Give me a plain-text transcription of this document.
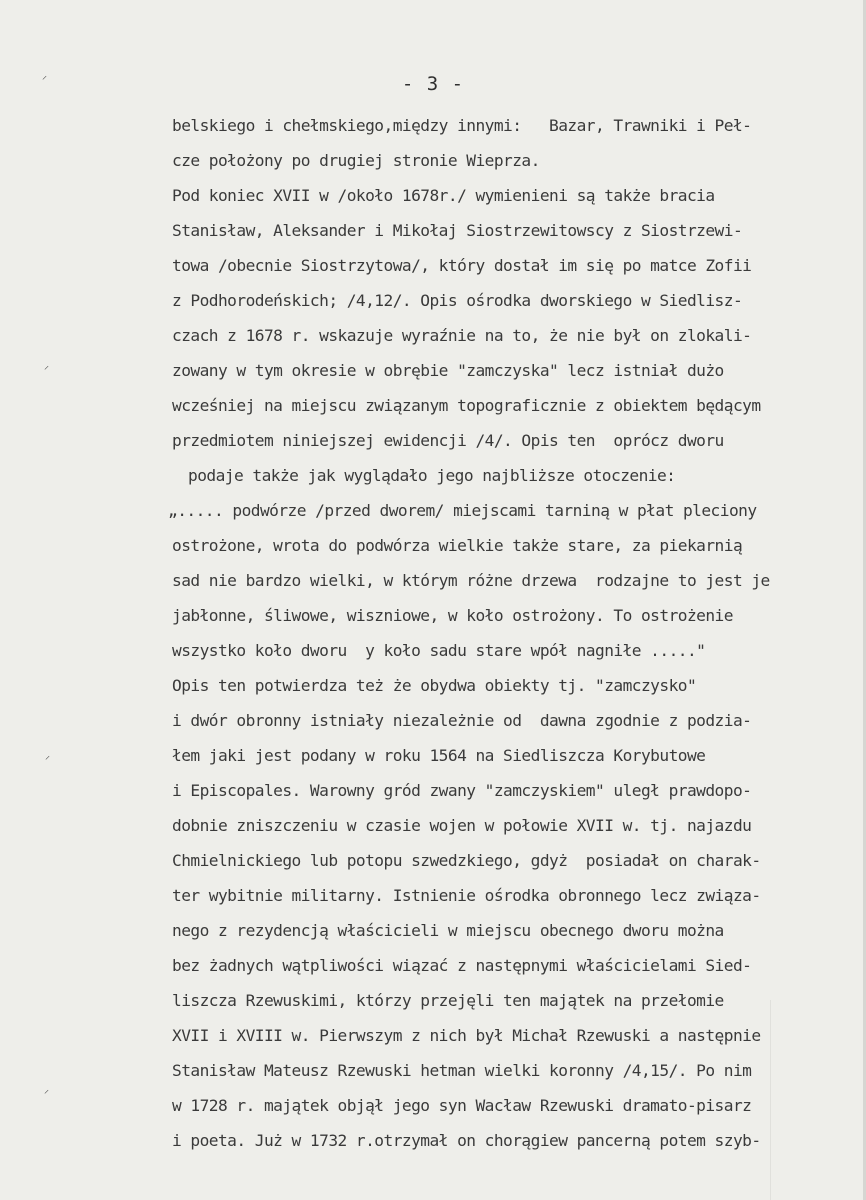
⸍
⸍
⸍
⸍
- 3 -
belskiego i chełmskiego,między innymi:   Bazar, Trawniki i Peł-
cze położony po drugiej stronie Wieprza.
Pod koniec XVII w /około 1678r./ wymienieni są także bracia
Stanisław, Aleksander i Mikołaj Siostrzewitowscy z Siostrzewi-
towa /obecnie Siostrzytowa/, który dostał im się po matce Zofii
z Podhorodeńskich; /4,12/. Opis ośrodka dworskiego w Siedlisz-
czach z 1678 r. wskazuje wyraźnie na to, że nie był on zlokali-
zowany w tym okresie w obrębie "zamczyska" lecz istniał dużo
wcześniej na miejscu związanym topograficznie z obiektem będącym
przedmiotem niniejszej ewidencji /4/. Opis ten  oprócz dworu
podaje także jak wyglądało jego najbliższe otoczenie:
„..... podwórze /przed dworem/ miejscami tarniną w płat pleciony
ostrożone, wrota do podwórza wielkie także stare, za piekarnią
sad nie bardzo wielki, w którym różne drzewa  rodzajne to jest je
jabłonne, śliwowe, wiszniowe, w koło ostrożony. To ostrożenie
wszystko koło dworu  y koło sadu stare wpół nagniłe ....."
Opis ten potwierdza też że obydwa obiekty tj. "zamczysko"
i dwór obronny istniały niezależnie od  dawna zgodnie z podzia-
łem jaki jest podany w roku 1564 na Siedliszcza Korybutowe
i Episcopales. Warowny gród zwany "zamczyskiem" uległ prawdopo-
dobnie zniszczeniu w czasie wojen w połowie XVII w. tj. najazdu
Chmielnickiego lub potopu szwedzkiego, gdyż  posiadał on charak-
ter wybitnie militarny. Istnienie ośrodka obronnego lecz związa-
nego z rezydencją właścicieli w miejscu obecnego dworu można
bez żadnych wątpliwości wiązać z następnymi właścicielami Sied-
liszcza Rzewuskimi, którzy przejęli ten majątek na przełomie
XVII i XVIII w. Pierwszym z nich był Michał Rzewuski a następnie
Stanisław Mateusz Rzewuski hetman wielki koronny /4,15/. Po nim
w 1728 r. majątek objął jego syn Wacław Rzewuski dramato-pisarz
i poeta. Już w 1732 r.otrzymał on chorągiew pancerną potem szyb-
